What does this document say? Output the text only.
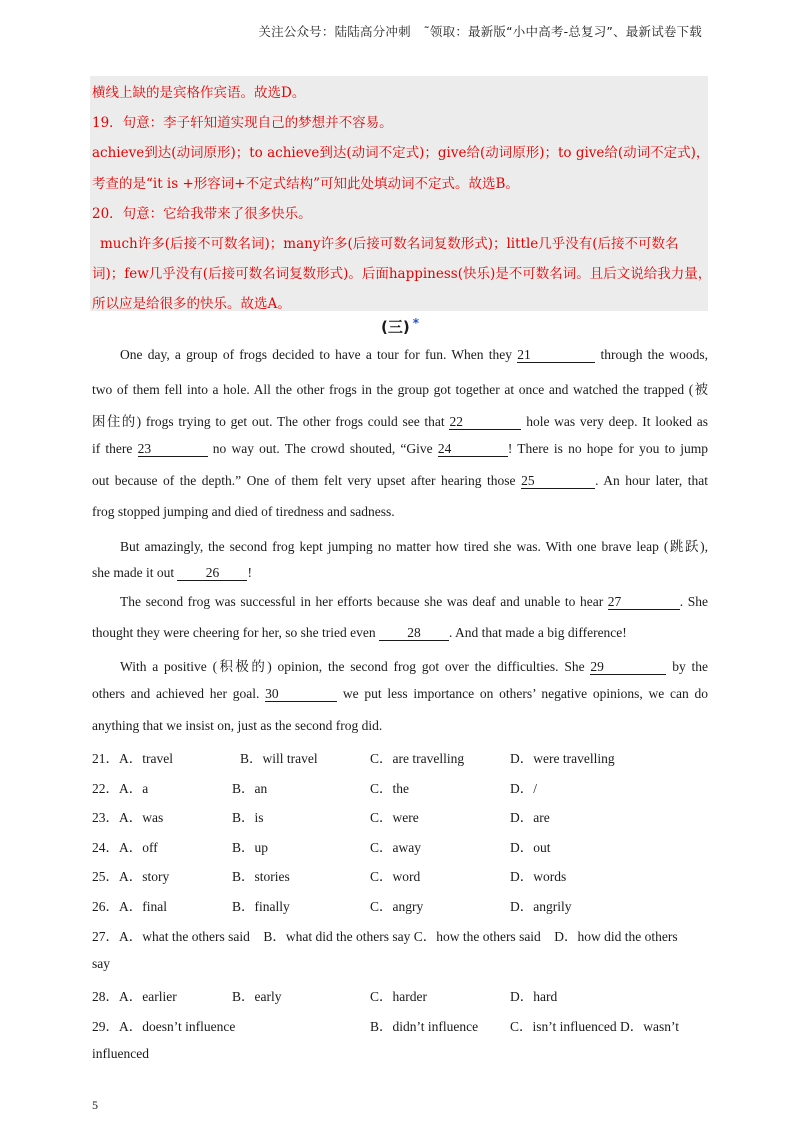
关注公众号：陆陆高分冲刺　˜领取：最新版“小中高考-总复习”、最新试卷下载
横线上缺的是宾格作宾语。故选D。
19．句意：李子轩知道实现自己的梦想并不容易。
achieve到达(动词原形)；to achieve到达(动词不定式)；give给(动词原形)；to give给(动词不定式)，
考查的是“it is +形容词+不定式结构”可知此处填动词不定式。故选B。
20．句意：它给我带来了很多快乐。
much许多(后接不可数名词)；many许多(后接可数名词复数形式)；little几乎没有(后接不可数名
词)；few几乎没有(后接可数名词复数形式)。后面happiness(快乐)是不可数名词。且后文说给我力量，
所以应是给很多的快乐。故选A。
(三) *
One day, a group of frogs decided to have a tour for fun. When they 21	through the woods,
two of them fell into a hole. All the other frogs in the group got together at once and watched the trapped (被
困住的) frogs trying to get out. The other frogs could see that 22	hole was very deep. It looked as
if there 23	no way out. The crowd shouted, “Give 24	! There is no hope for you to jump
out because of the depth.” One of them felt very upset after hearing those 25	. An hour later, that
frog stopped jumping and died of tiredness and sadness.
But amazingly, the second frog kept jumping no matter how tired she was. With one brave leap (跳跃),
she made it out 26 !
The second frog was successful in her efforts because she was deaf and unable to hear 27	. She
thought they were cheering for her, so she tried even 28 . And that made a big difference!
With a positive (积极的) opinion, the second frog got over the difficulties. She 29	by the
others and achieved her goal. 30	we put less importance on others’ negative opinions, we can do
anything that we insist on, just as the second frog did.
21．A．travel	B．will travel	C．are travelling	D．were travelling
22．A．a	B．an	C．the	D．/
23．A．was	B．is	C．were	D．are
24．A．off	B．up	C．away	D．out
25．A．story	B．stories	C．word	D．words
26．A．final	B．finally	C．angry	D．angrily
27．A．what the others said　B．what did the others say C．how the others said　D．how did the others
say
28．A．earlier	B．early	C．harder	D．hard
29．A．doesn’t influence	B．didn’t influence C．isn’t influenced D．wasn’t
influenced
5
